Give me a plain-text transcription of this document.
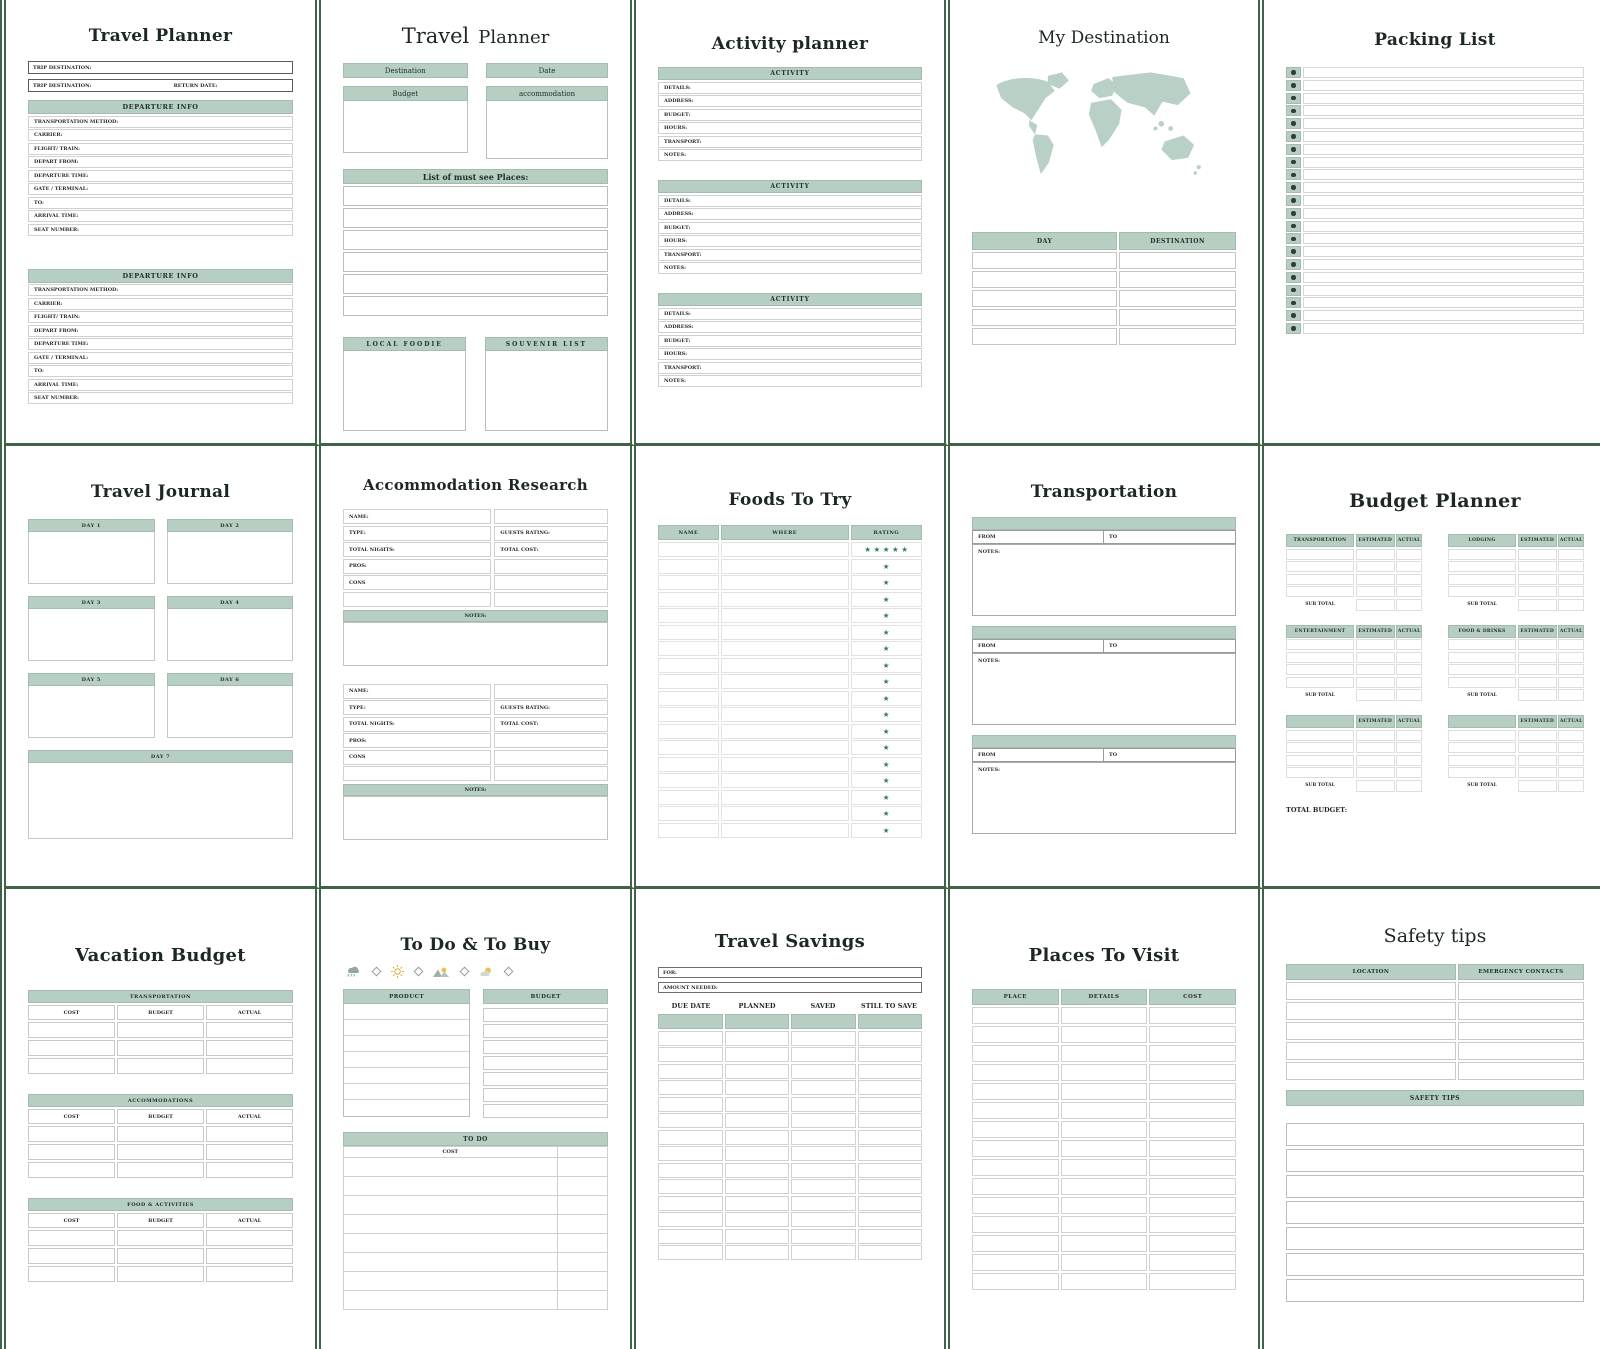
Travel Planner
TRIP DESTINATION:
TRIP DESTINATION:	RETURN DATE:
DEPARTURE INFO
TRANSPORTATION METHOD:
CARRIER:
FLIGHT/ TRAIN:
DEPART FROM:
DEPARTURE TIME:
GATE / TERMINAL:
TO:
ARRIVAL TIME:
SEAT NUMBER:
DEPARTURE INFO
TRANSPORTATION METHOD:
CARRIER:
FLIGHT/ TRAIN:
DEPART FROM:
DEPARTURE TIME:
GATE / TERMINAL:
TO:
ARRIVAL TIME:
SEAT NUMBER:
Travel Planner
Destination
Budget
Date
accommodation
List of must see Places:
LOCAL FOODIE	SOUVENIR LIST
Activity planner
ACTIVITY
DETAILS:
ADDRESS:
BUDGET:
HOURS:
TRANSPORT:
NOTES:
ACTIVITY
DETAILS:
ADDRESS:
BUDGET:
HOURS:
TRANSPORT:
NOTES:
ACTIVITY
DETAILS:
ADDRESS:
BUDGET:
HOURS:
TRANSPORT:
NOTES:
My Destination
DAY	DESTINATION
Packing List
Travel Journal
DAY 1	DAY 2
DAY 3	DAY 4
DAY 5	DAY 6
DAY 7
Accommodation Research
NAME:
TYPE:	GUESTS RATING:
TOTAL NIGHTS:	TOTAL COST:
PROS:
CONS
NOTES:
NAME:
TYPE:	GUESTS RATING:
TOTAL NIGHTS:	TOTAL COST:
PROS:
CONS
NOTES:
Foods To Try
NAME	WHERE	RATING
★★★★★
★
★
★
★
★
★
★
★
★
★
★
★
★
★
★
★
★
Transportation
FROM	TO
NOTES:
FROM	TO
NOTES:
FROM	TO
NOTES:
Budget Planner
TRANSPORTATION	ESTIMATED	ACTUAL
SUB TOTAL
LODGING	ESTIMATED	ACTUAL
SUB TOTAL
ENTERTAINMENT	ESTIMATED	ACTUAL
SUB TOTAL
FOOD & DRINKS	ESTIMATED	ACTUAL
SUB TOTAL
ESTIMATED	ACTUAL
SUB TOTAL
ESTIMATED	ACTUAL
SUB TOTAL
TOTAL BUDGET:
Vacation Budget
TRANSPORTATION
COST	BUDGET	ACTUAL
ACCOMMODATIONS
COST	BUDGET	ACTUAL
FOOD & ACTIVITIES
COST	BUDGET	ACTUAL
To Do & To Buy
PRODUCT	BUDGET
TO DO
COST
Travel Savings
FOR:
AMOUNT NEEDED:
DUE DATE	PLANNED	SAVED	STILL TO SAVE
Places To Visit
PLACE	DETAILS	COST
Safety tips
LOCATION	EMERGENCY CONTACTS
SAFETY TIPS
